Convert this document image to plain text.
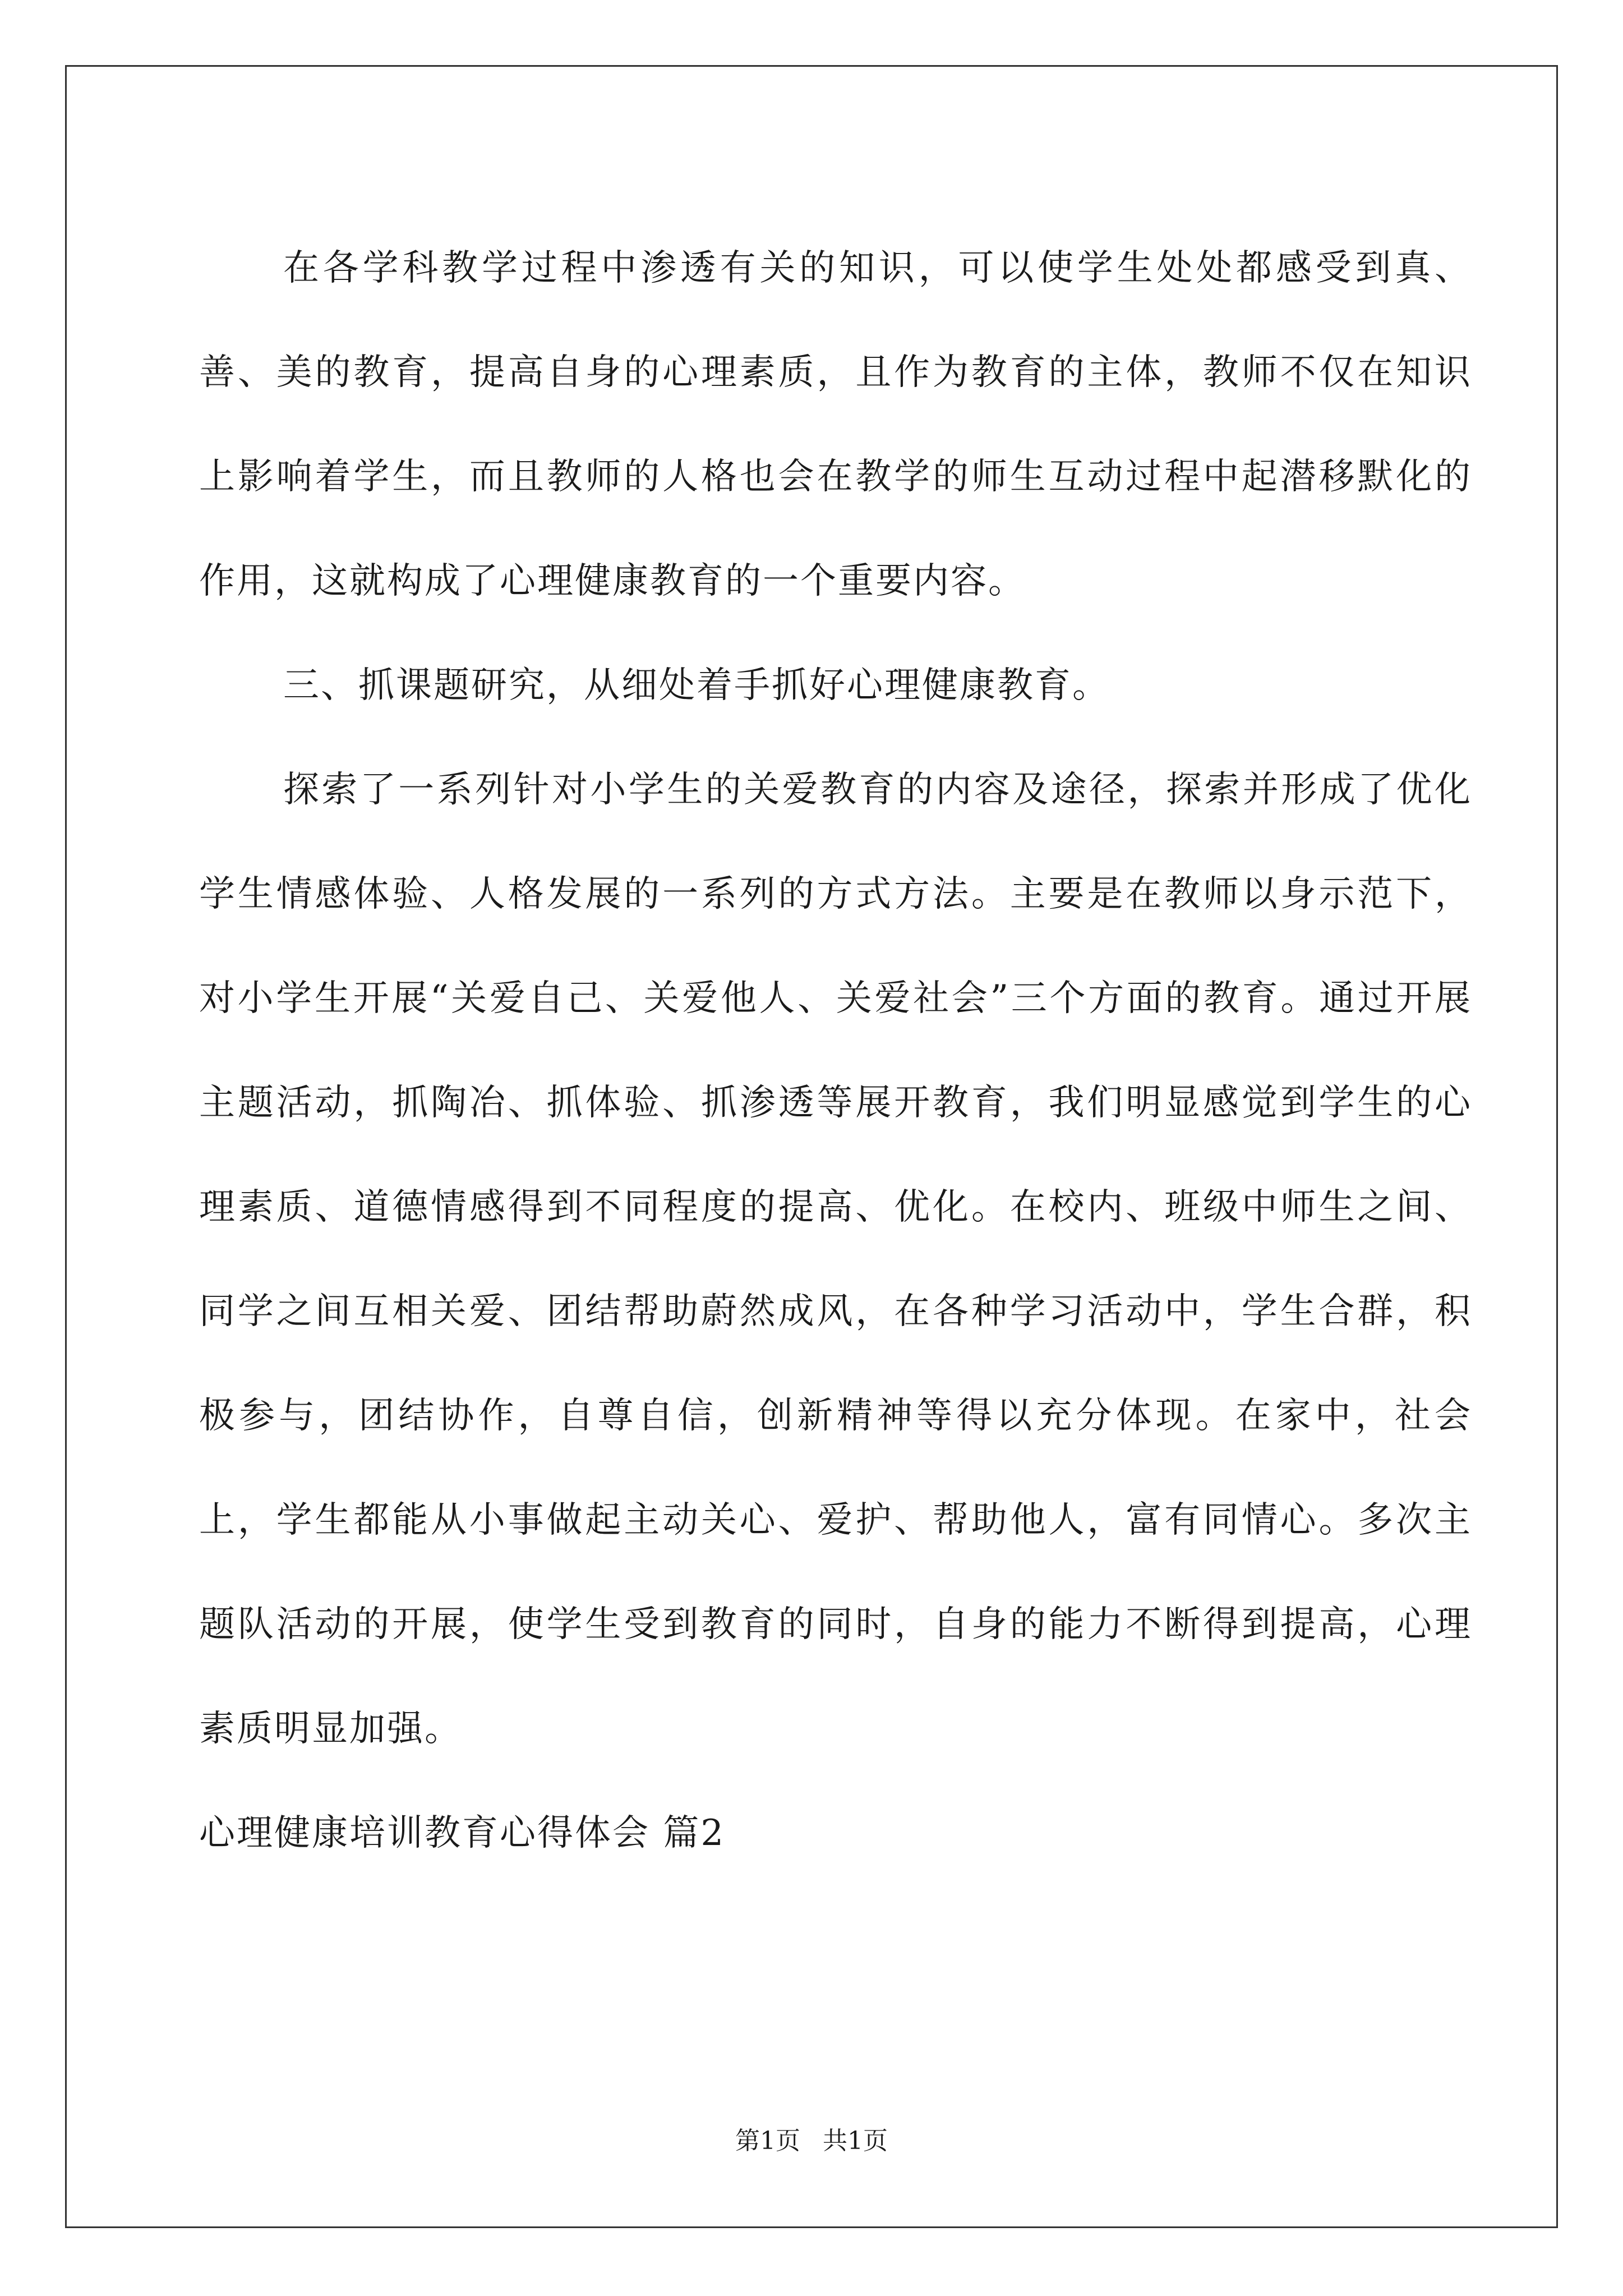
在各学科教学过程中渗透有关的知识，可以使学生处处都感受到真、善、美的教育，提高自身的心理素质，且作为教育的主体，教师不仅在知识上影响着学生，而且教师的人格也会在教学的师生互动过程中起潜移默化的作用，这就构成了心理健康教育的一个重要内容。

三、抓课题研究，从细处着手抓好心理健康教育。

探索了一系列针对小学生的关爱教育的内容及途径，探索并形成了优化学生情感体验、人格发展的一系列的方式方法。主要是在教师以身示范下，对小学生开展“关爱自己、关爱他人、关爱社会”三个方面的教育。通过开展主题活动，抓陶冶、抓体验、抓渗透等展开教育，我们明显感觉到学生的心理素质、道德情感得到不同程度的提高、优化。在校内、班级中师生之间、同学之间互相关爱、团结帮助蔚然成风，在各种学习活动中，学生合群，积极参与，团结协作，自尊自信，创新精神等得以充分体现。在家中，社会上，学生都能从小事做起主动关心、爱护、帮助他人，富有同情心。多次主题队活动的开展，使学生受到教育的同时，自身的能力不断得到提高，心理素质明显加强。

心理健康培训教育心得体会 篇2

第1页 共1页
